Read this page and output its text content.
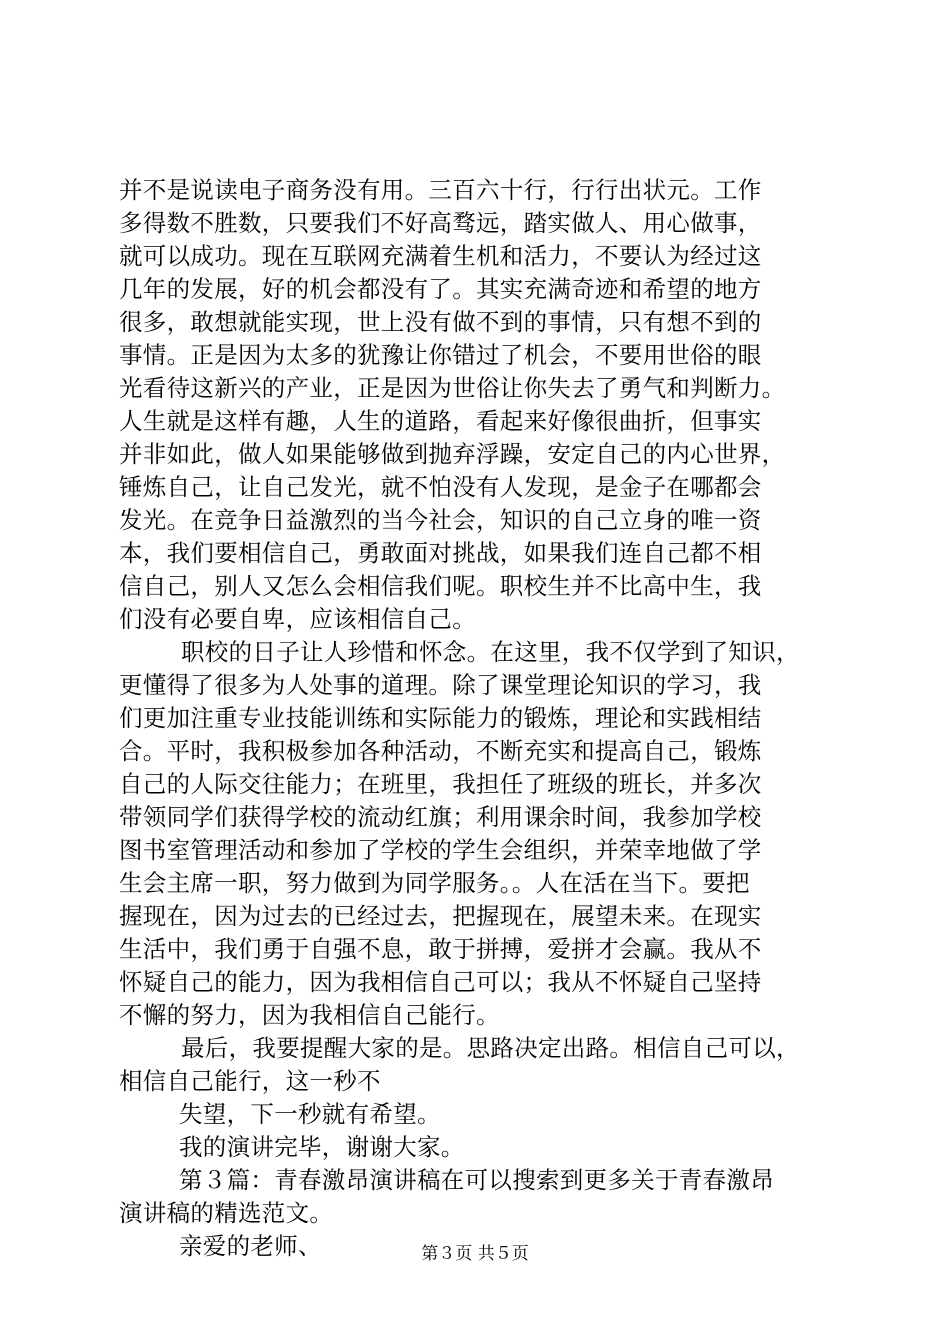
并不是说读电子商务没有用。三百六十行，行行出状元。工作
多得数不胜数，只要我们不好高骛远，踏实做人、用心做事，
就可以成功。现在互联网充满着生机和活力，不要认为经过这
几年的发展，好的机会都没有了。其实充满奇迹和希望的地方
很多，敢想就能实现，世上没有做不到的事情，只有想不到的
事情。正是因为太多的犹豫让你错过了机会，不要用世俗的眼
光看待这新兴的产业，正是因为世俗让你失去了勇气和判断力。
人生就是这样有趣，人生的道路，看起来好像很曲折，但事实
并非如此，做人如果能够做到抛弃浮躁，安定自己的内心世界，
锤炼自己，让自己发光，就不怕没有人发现，是金子在哪都会
发光。在竞争日益激烈的当今社会，知识的自己立身的唯一资
本，我们要相信自己，勇敢面对挑战，如果我们连自己都不相
信自己，别人又怎么会相信我们呢。职校生并不比高中生，我
们没有必要自卑，应该相信自己。
职校的日子让人珍惜和怀念。在这里，我不仅学到了知识，
更懂得了很多为人处事的道理。除了课堂理论知识的学习，我
们更加注重专业技能训练和实际能力的锻炼，理论和实践相结
合。平时，我积极参加各种活动，不断充实和提高自己，锻炼
自己的人际交往能力；在班里，我担任了班级的班长，并多次
带领同学们获得学校的流动红旗；利用课余时间，我参加学校
图书室管理活动和参加了学校的学生会组织，并荣幸地做了学
生会主席一职，努力做到为同学服务。。人在活在当下。要把
握现在，因为过去的已经过去，把握现在，展望未来。在现实
生活中，我们勇于自强不息，敢于拼搏，爱拼才会赢。我从不
怀疑自己的能力，因为我相信自己可以；我从不怀疑自己坚持
不懈的努力，因为我相信自己能行。
最后，我要提醒大家的是。思路决定出路。相信自己可以，
相信自己能行，这一秒不
失望，下一秒就有希望。
我的演讲完毕，谢谢大家。
第３篇：青春激昂演讲稿在可以搜索到更多关于青春激昂
演讲稿的精选范文。
亲爱的老师、	第３页 共５页
